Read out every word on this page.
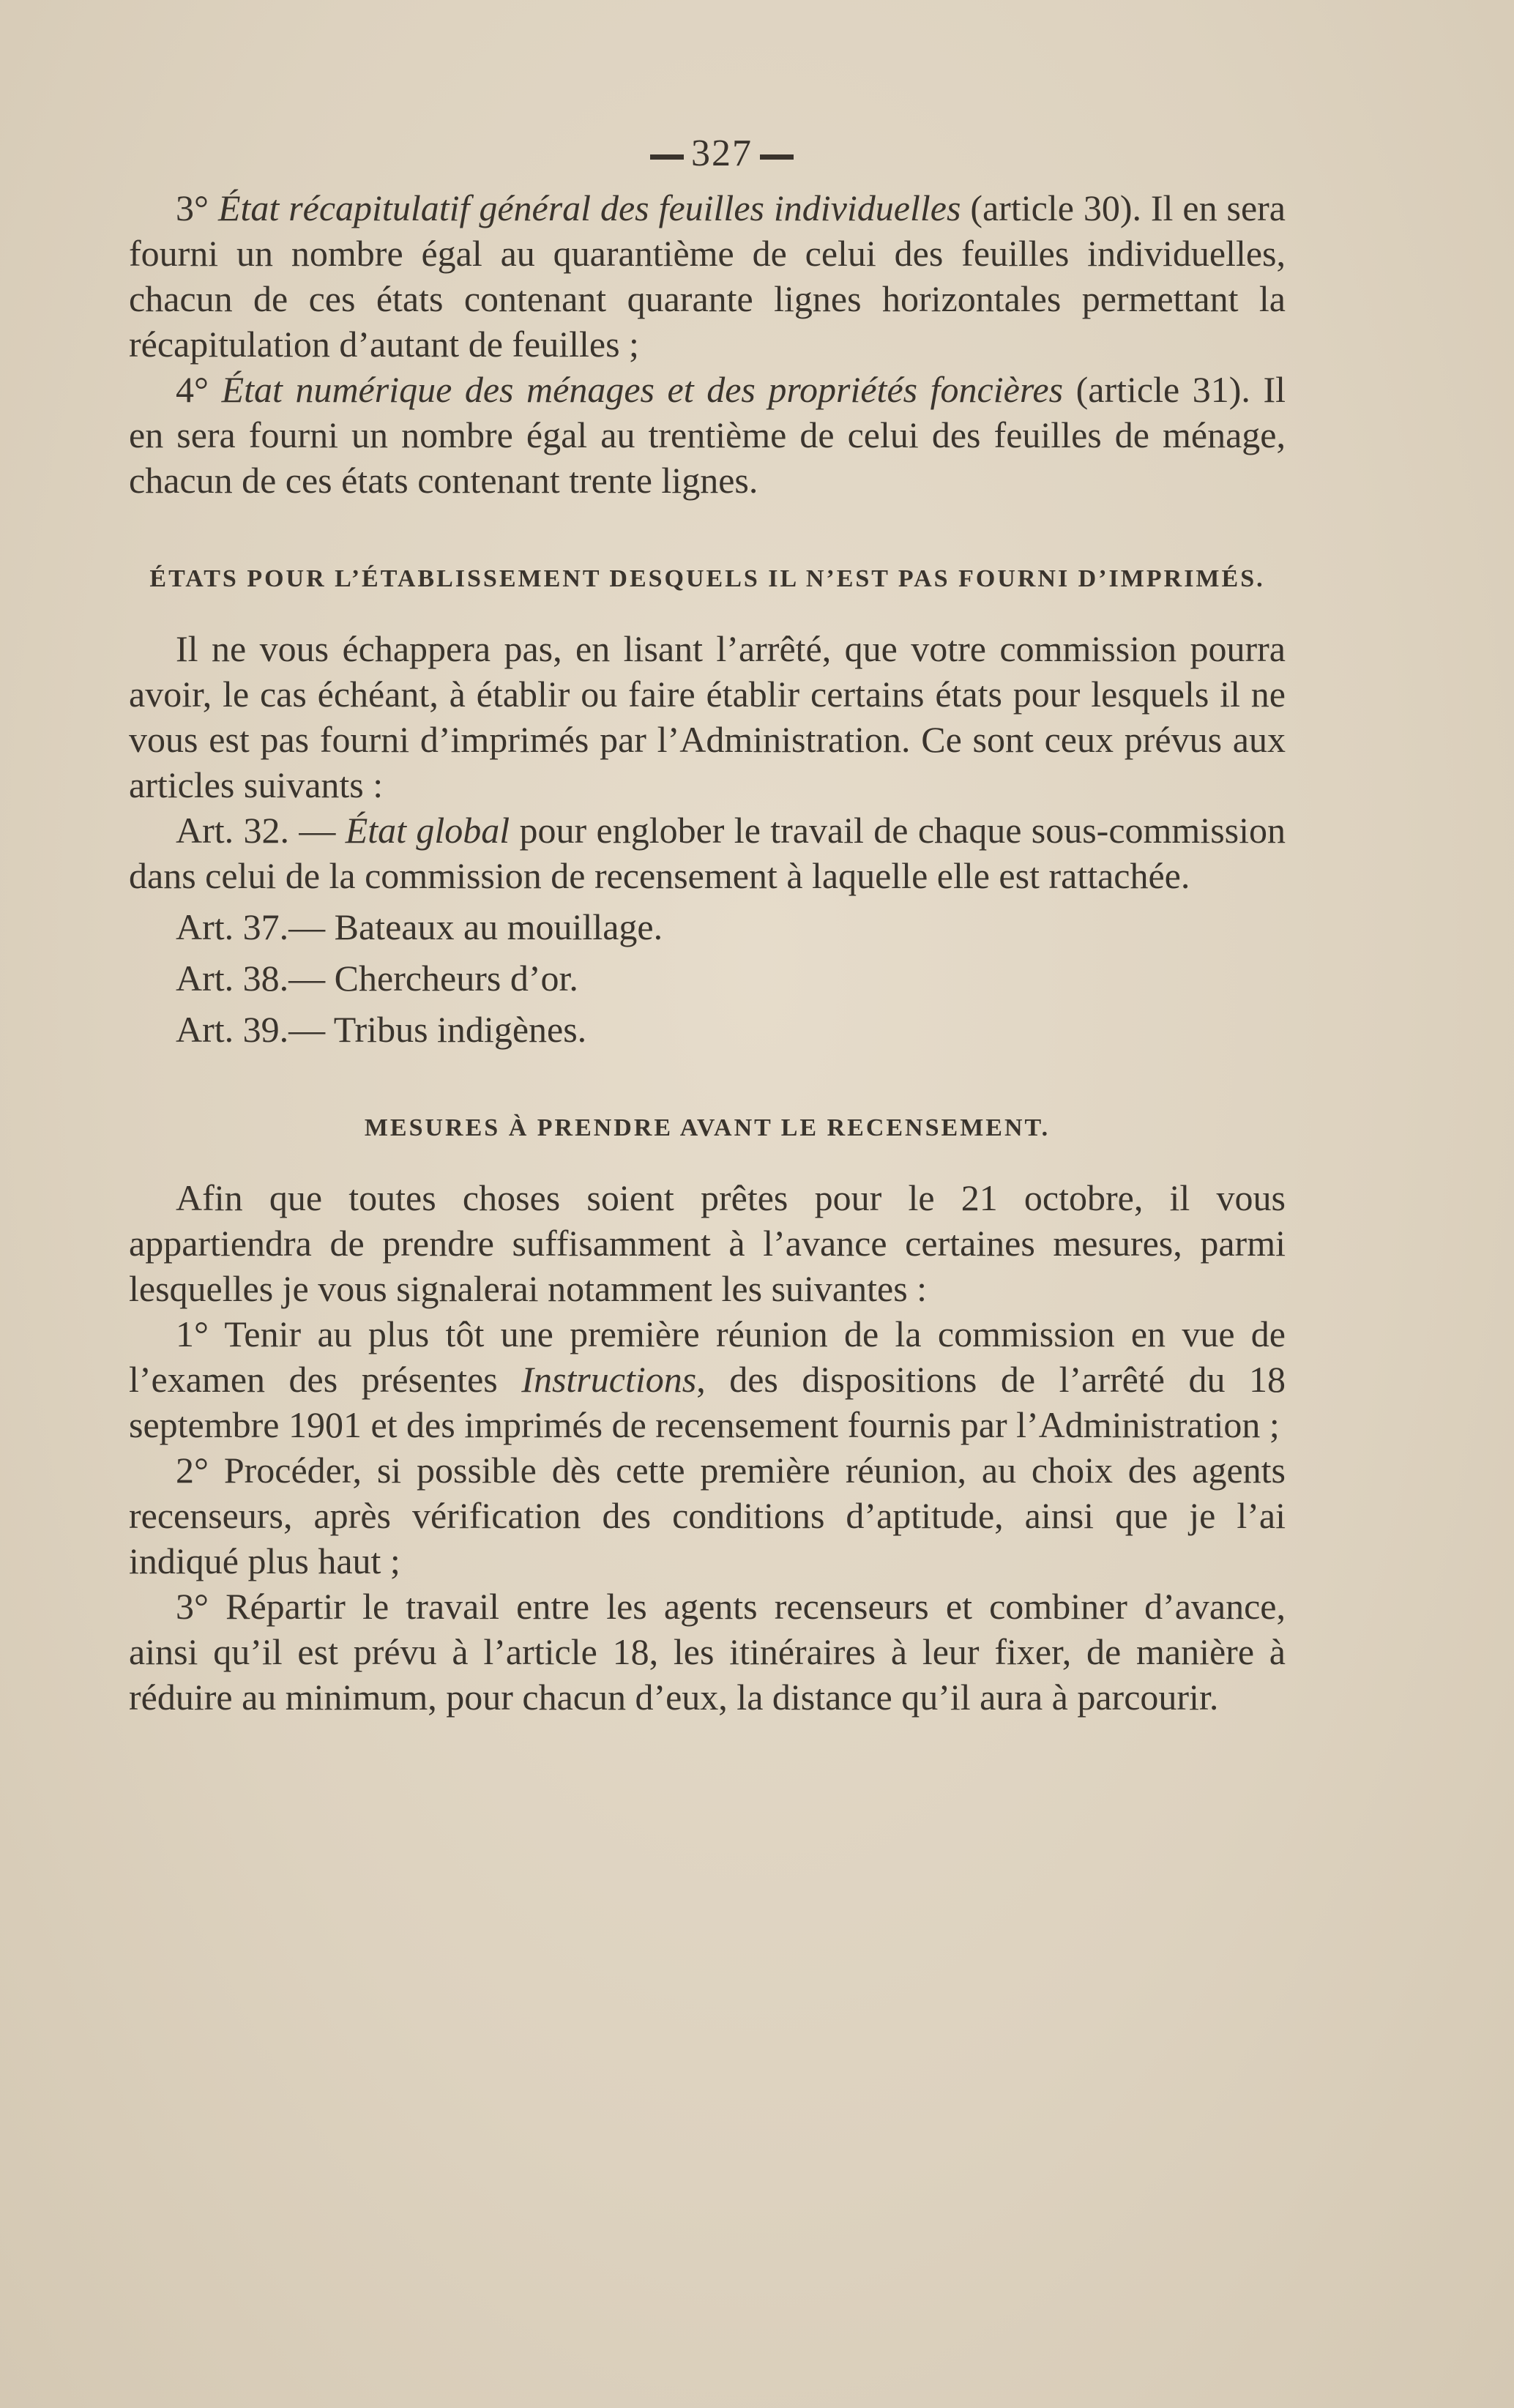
327

3° État récapitulatif général des feuilles individuelles (article 30). Il en sera fourni un nombre égal au quarantième de celui des feuilles individuelles, chacun de ces états contenant quarante lignes horizontales permettant la récapitulation d’autant de feuilles ;

4° État numérique des ménages et des propriétés foncières (article 31). Il en sera fourni un nombre égal au trentième de celui des feuilles de ménage, chacun de ces états contenant trente lignes.

ÉTATS POUR L’ÉTABLISSEMENT DESQUELS IL N’EST PAS FOURNI D’IMPRIMÉS.

Il ne vous échappera pas, en lisant l’arrêté, que votre commission pourra avoir, le cas échéant, à établir ou faire établir certains états pour lesquels il ne vous est pas fourni d’imprimés par l’Administration. Ce sont ceux prévus aux articles suivants :

Art. 32. — État global pour englober le travail de chaque sous-commission dans celui de la commission de recensement à laquelle elle est rattachée.

Art. 37.— Bateaux au mouillage.

Art. 38.— Chercheurs d’or.

Art. 39.— Tribus indigènes.

MESURES À PRENDRE AVANT LE RECENSEMENT.

Afin que toutes choses soient prêtes pour le 21 octobre, il vous appartiendra de prendre suffisamment à l’avance certaines mesures, parmi lesquelles je vous signalerai notamment les suivantes :

1° Tenir au plus tôt une première réunion de la commission en vue de l’examen des présentes Instructions, des dispositions de l’arrêté du 18 septembre 1901 et des imprimés de recensement fournis par l’Administration ;

2° Procéder, si possible dès cette première réunion, au choix des agents recenseurs, après vérification des conditions d’aptitude, ainsi que je l’ai indiqué plus haut ;

3° Répartir le travail entre les agents recenseurs et combiner d’avance, ainsi qu’il est prévu à l’article 18, les itinéraires à leur fixer, de manière à réduire au minimum, pour chacun d’eux, la distance qu’il aura à parcourir.
